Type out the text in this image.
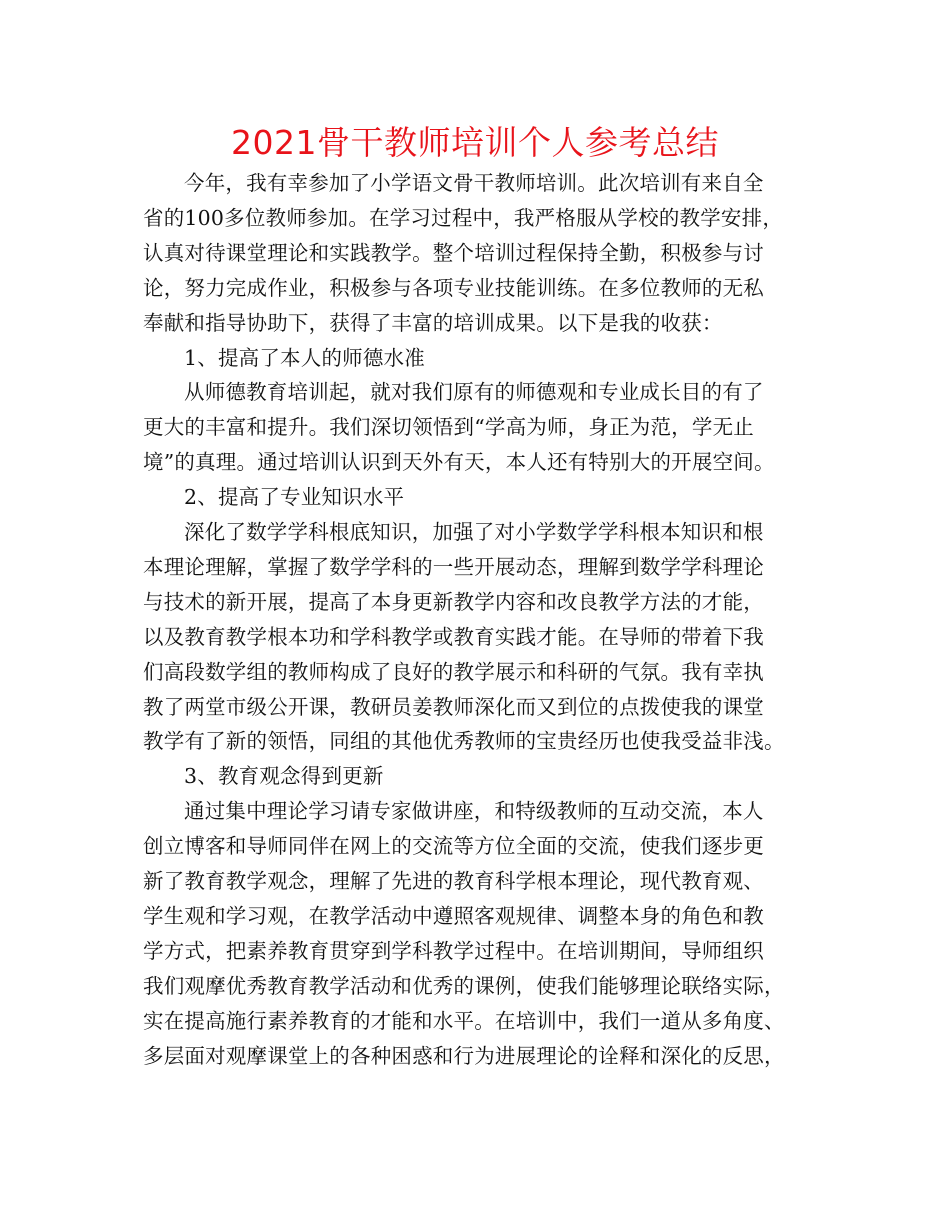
2021骨干教师培训个人参考总结
今年，我有幸参加了小学语文骨干教师培训。此次培训有来自全
省的100多位教师参加。在学习过程中，我严格服从学校的教学安排，
认真对待课堂理论和实践教学。整个培训过程保持全勤，积极参与讨
论，努力完成作业，积极参与各项专业技能训练。在多位教师的无私
奉献和指导协助下，获得了丰富的培训成果。以下是我的收获：
1、提高了本人的师德水准
从师德教育培训起，就对我们原有的师德观和专业成长目的有了
更大的丰富和提升。我们深切领悟到“学高为师，身正为范，学无止
境”的真理。通过培训认识到天外有天，本人还有特别大的开展空间。
2、提高了专业知识水平
深化了数学学科根底知识，加强了对小学数学学科根本知识和根
本理论理解，掌握了数学学科的一些开展动态，理解到数学学科理论
与技术的新开展，提高了本身更新教学内容和改良教学方法的才能，
以及教育教学根本功和学科教学或教育实践才能。在导师的带着下我
们高段数学组的教师构成了良好的教学展示和科研的气氛。我有幸执
教了两堂市级公开课，教研员姜教师深化而又到位的点拨使我的课堂
教学有了新的领悟，同组的其他优秀教师的宝贵经历也使我受益非浅。
3、教育观念得到更新
通过集中理论学习请专家做讲座，和特级教师的互动交流，本人
创立博客和导师同伴在网上的交流等方位全面的交流，使我们逐步更
新了教育教学观念，理解了先进的教育科学根本理论，现代教育观、
学生观和学习观，在教学活动中遵照客观规律、调整本身的角色和教
学方式，把素养教育贯穿到学科教学过程中。在培训期间，导师组织
我们观摩优秀教育教学活动和优秀的课例，使我们能够理论联络实际，
实在提高施行素养教育的才能和水平。在培训中，我们一道从多角度、
多层面对观摩课堂上的各种困惑和行为进展理论的诠释和深化的反思，
